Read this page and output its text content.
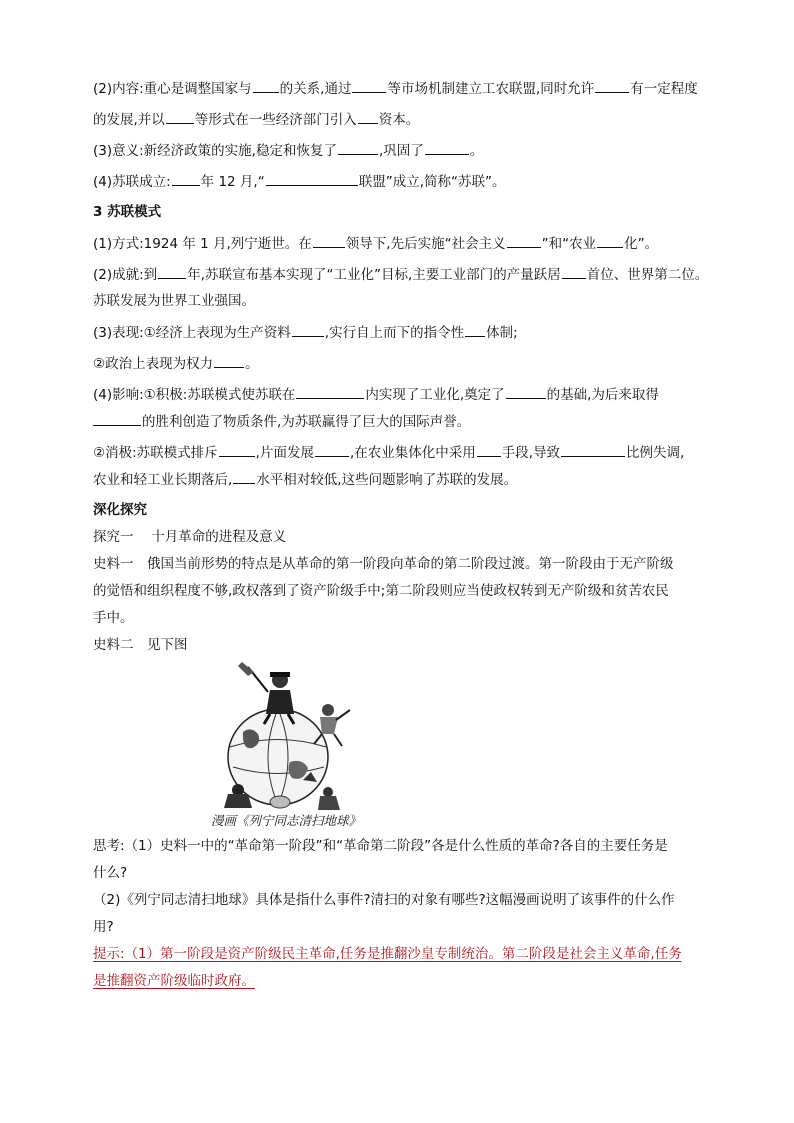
(2)内容:重心是调整国家与 的关系,通过	等市场机制建立工农联盟,同时允许	有一定程度
的发展,并以 等形式在一些经济部门引入 资本。
(3)意义:新经济政策的实施,稳定和恢复了	,巩固了	。
(4)苏联成立: 年 12 月,“	联盟”成立,简称“苏联”。
3 苏联模式
(1)方式:1924 年 1 月,列宁逝世。在	领导下,先后实施“社会主义	”和“农业 化”。
(2)成就:到 年,苏联宣布基本实现了“工业化”目标,主要工业部门的产量跃居 首位、世界第二位。
苏联发展为世界工业强国。
(3)表现:①经济上表现为生产资料	,实行自上而下的指令性 体制;
②政治上表现为权力 。
(4)影响:①积极:苏联模式使苏联在	内实现了工业化,奠定了	的基础,为后来取得
的胜利创造了物质条件,为苏联赢得了巨大的国际声誉。
②消极:苏联模式排斥	,片面发展	,在农业集体化中采用 手段,导致	比例失调,
农业和轻工业长期落后, 水平相对较低,这些问题影响了苏联的发展。
深化探究
探究一　 十月革命的进程及意义
史料一　俄国当前形势的特点是从革命的第一阶段向革命的第二阶段过渡。第一阶段由于无产阶级
的觉悟和组织程度不够,政权落到了资产阶级手中;第二阶段则应当使政权转到无产阶级和贫苦农民
手中。
史料二　见下图
漫画《列宁同志清扫地球》
思考:（1）史料一中的“革命第一阶段”和“革命第二阶段”各是什么性质的革命?各自的主要任务是
什么?
（2)《列宁同志清扫地球》具体是指什么事件?清扫的对象有哪些?这幅漫画说明了该事件的什么作
用?
提示:（1）第一阶段是资产阶级民主革命,任务是推翻沙皇专制统治。第二阶段是社会主义革命,任务
是推翻资产阶级临时政府。
